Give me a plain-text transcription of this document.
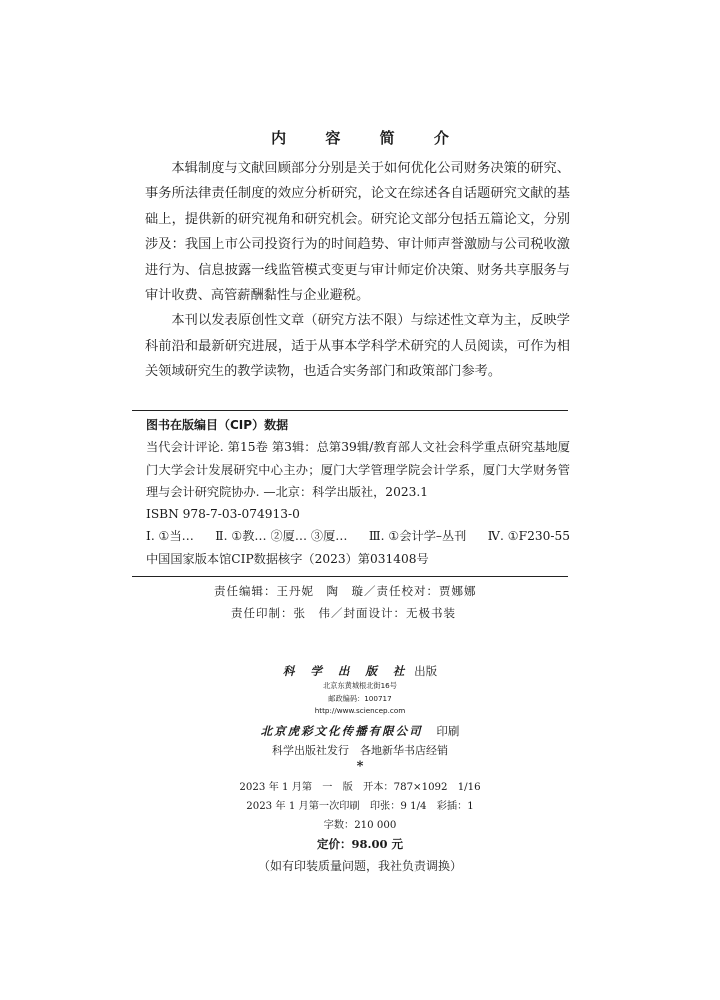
内 容 简 介

本辑制度与文献回顾部分分别是关于如何优化公司财务决策的研究、事务所法律责任制度的效应分析研究，论文在综述各自话题研究文献的基础上，提供新的研究视角和研究机会。研究论文部分包括五篇论文，分别涉及：我国上市公司投资行为的时间趋势、审计师声誉激励与公司税收激进行为、信息披露一线监管模式变更与审计师定价决策、财务共享服务与审计收费、高管薪酬黏性与企业避税。

本刊以发表原创性文章（研究方法不限）与综述性文章为主，反映学科前沿和最新研究进展，适于从事本学科学术研究的人员阅读，可作为相关领域研究生的教学读物，也适合实务部门和政策部门参考。

图书在版编目（CIP）数据
当代会计评论. 第15卷 第3辑：总第39辑/教育部人文社会科学重点研究基地厦门大学会计发展研究中心主办；厦门大学管理学院会计学系，厦门大学财务管理与会计研究院协办. —北京：科学出版社，2023.1
ISBN 978-7-03-074913-0
Ⅰ. ①当… Ⅱ. ①教… ②厦… ③厦… Ⅲ. ①会计学–丛刊 Ⅳ. ①F230-55
中国国家版本馆CIP数据核字（2023）第031408号
责任编辑：王丹妮　陶　璇／责任校对：贾娜娜
责任印制：张　伟／封面设计：无极书装
科 学 出 版 社 出版
北京东黄城根北街16号
邮政编码：100717
http://www.sciencep.com
北京虎彩文化传播有限公司 印刷
科学出版社发行　各地新华书店经销
*
2023 年 1 月第　一　版　开本：787×1092　1/16
2023 年 1 月第一次印刷　印张：9 1/4　彩插：1
字数：210 000
定价：98.00 元
（如有印装质量问题，我社负责调换）
